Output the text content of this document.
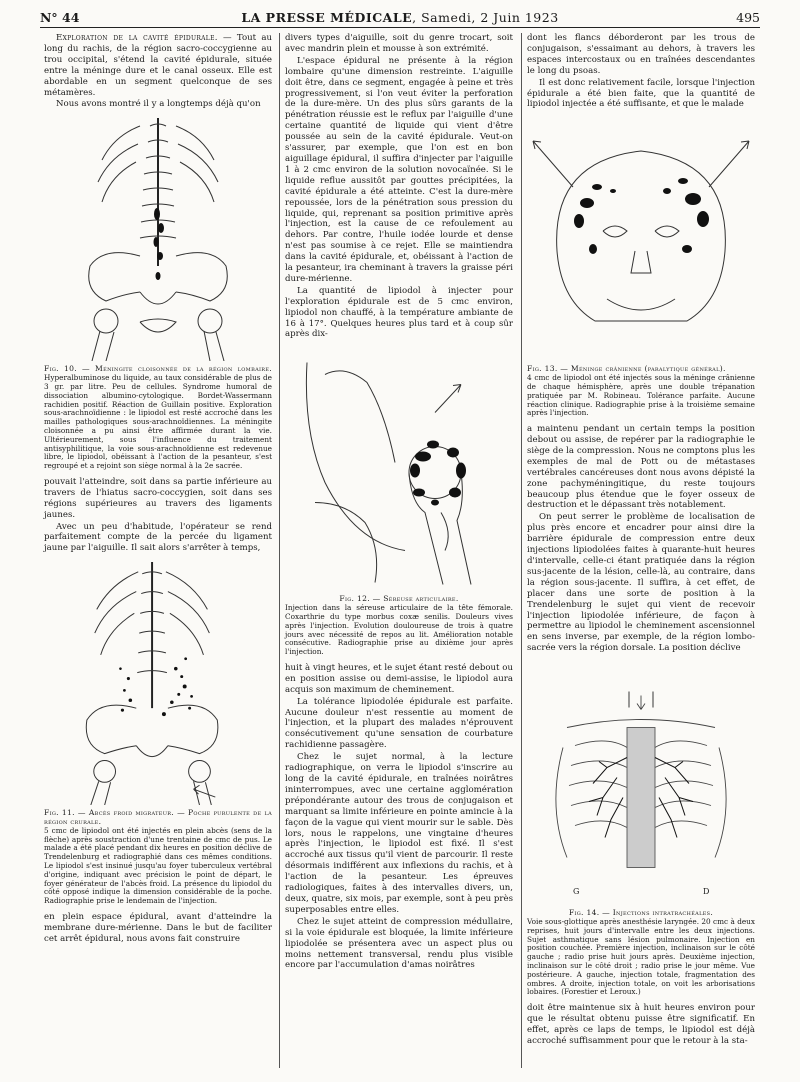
N° 44	LA PRESSE MÉDICALE, Samedi, 2 Juin 1923	495

Exploration de la cavité épidurale. — Tout au long du rachis, de la région sacro-coccygienne au trou occipital, s'étend la cavité épidurale, située entre la méninge dure et le canal osseux. Elle est abordable en un segment quelconque de ses métamères.

Nous avons montré il y a longtemps déjà qu'on

Fig. 10. — Méningite cloisonnée de la région lombaire. Hyperalbuminose du liquide, au taux considérable de plus de 3 gr. par litre. Peu de cellules. Syndrome humoral de dissociation albumino-cytologique. Bordet-Wassermann rachidien positif. Réaction de Guillain positive. Exploration sous-arachnoïdienne : le lipiodol est resté accroché dans les mailles pathologiques sous-arachnoïdiennes. La méningite cloisonnée a pu ainsi être affirmée durant la vie. Ultérieurement, sous l'influence du traitement antisyphilitique, la voie sous-arachnoïdienne est redevenue libre, le lipiodol, obéissant à l'action de la pesanteur, s'est regroupé et a rejoint son siège normal à la 2e sacrée.

pouvait l'atteindre, soit dans sa partie inférieure au travers de l'hiatus sacro-coccygien, soit dans ses régions supérieures au travers des ligaments jaunes.

Avec un peu d'habitude, l'opérateur se rend parfaitement compte de la percée du ligament jaune par l'aiguille. Il sait alors s'arrêter à temps,

Fig. 11. — Abcès froid migrateur. — Poche purulente de la région crurale.
5 cmc de lipiodol ont été injectés en plein abcès (sens de la flèche) après soustraction d'une trentaine de cmc de pus. Le malade a été placé pendant dix heures en position déclive de Trendelenburg et radiographié dans ces mêmes conditions. Le lipiodol s'est insinué jusqu'au foyer tuberculeux vertébral d'origine, indiquant avec précision le point de départ, le foyer générateur de l'abcès froid. La présence du lipiodol du côté opposé indique la dimension considérable de la poche. Radiographie prise le lendemain de l'injection.

en plein espace épidural, avant d'atteindre la membrane dure-mérienne. Dans le but de faciliter cet arrêt épidural, nous avons fait construire

divers types d'aiguille, soit du genre trocart, soit avec mandrin plein et mousse à son extrémité.

L'espace épidural ne présente à la région lombaire qu'une dimension restreinte. L'aiguille doit être, dans ce segment, engagée à peine et très progressivement, si l'on veut éviter la perforation de la dure-mère. Un des plus sûrs garants de la pénétration réussie est le reflux par l'aiguille d'une certaine quantité de liquide qui vient d'être poussée au sein de la cavité épidurale. Veut-on s'assurer, par exemple, que l'on est en bon aiguillage épidural, il suffira d'injecter par l'aiguille 1 à 2 cmc environ de la solution novocaïnée. Si le liquide reflue aussitôt par gouttes précipitées, la cavité épidurale a été atteinte. C'est la dure-mère repoussée, lors de la pénétration sous pression du liquide, qui, reprenant sa position primitive après l'injection, est la cause de ce refoulement au dehors. Par contre, l'huile iodée lourde et dense n'est pas soumise à ce rejet. Elle se maintiendra dans la cavité épidurale, et, obéissant à l'action de la pesanteur, ira cheminant à travers la graisse péri dure-mérienne.

La quantité de lipiodol à injecter pour l'exploration épidurale est de 5 cmc environ, lipiodol non chauffé, à la température ambiante de 16 à 17°. Quelques heures plus tard et à coup sûr après dix-

Fig. 12. — Séreuse articulaire.
Injection dans la séreuse articulaire de la tête fémorale. Coxarthrie du type morbus coxæ senilis. Douleurs vives après l'injection. Evolution douloureuse de trois à quatre jours avec nécessité de repos au lit. Amélioration notable consécutive. Radiographie prise au dixième jour après l'injection.

huit à vingt heures, et le sujet étant resté debout ou en position assise ou demi-assise, le lipiodol aura acquis son maximum de cheminement.

La tolérance lipiodolée épidurale est parfaite. Aucune douleur n'est ressentie au moment de l'injection, et la plupart des malades n'éprouvent consécutivement qu'une sensation de courbature rachidienne passagère.

Chez le sujet normal, à la lecture radiographique, on verra le lipiodol s'inscrire au long de la cavité épidurale, en traînées noirâtres ininterrompues, avec une certaine agglomération prépondérante autour des trous de conjugaison et marquant sa limite inférieure en pointe amincie à la façon de la vague qui vient mourir sur le sable. Dès lors, nous le rappelons, une vingtaine d'heures après l'injection, le lipiodol est fixé. Il s'est accroché aux tissus qu'il vient de parcourir. Il reste désormais indifférent aux inflexions du rachis, et à l'action de la pesanteur. Les épreuves radiologiques, faites à des intervalles divers, un, deux, quatre, six mois, par exemple, sont à peu près superposables entre elles.

Chez le sujet atteint de compression médullaire, si la voie épidurale est bloquée, la limite inférieure lipiodolée se présentera avec un aspect plus ou moins nettement transversal, rendu plus visible encore par l'accumulation d'amas noirâtres

dont les flancs déborderont par les trous de conjugaison, s'essaimant au dehors, à travers les espaces intercostaux ou en traînées descendantes le long du psoas.

Il est donc relativement facile, lorsque l'injection épidurale a été bien faite, que la quantité de lipiodol injectée a été suffisante, et que le malade

Fig. 13. — Méninge crânienne (paralytique général).
4 cmc de lipiodol ont été injectés sous la méninge crânienne de chaque hémisphère, après une double trépanation pratiquée par M. Robineau. Tolérance parfaite. Aucune réaction clinique. Radiographie prise à la troisième semaine après l'injection.

a maintenu pendant un certain temps la position debout ou assise, de repérer par la radiographie le siège de la compression. Nous ne comptons plus les exemples de mal de Pott ou de métastases vertébrales cancéreuses dont nous avons dépisté la zone pachyméningitique, du reste toujours beaucoup plus étendue que le foyer osseux de destruction et le dépassant très notablement.

On peut serrer le problème de localisation de plus près encore et encadrer pour ainsi dire la barrière épidurale de compression entre deux injections lipiodolées faites à quarante-huit heures d'intervalle, celle-ci étant pratiquée dans la région sus-jacente de la lésion, celle-là, au contraire, dans la région sous-jacente. Il suffira, à cet effet, de placer dans une sorte de position à la Trendelenburg le sujet qui vient de recevoir l'injection lipiodolée inférieure, de façon à permettre au lipiodol le cheminement ascensionnel en sens inverse, par exemple, de la région lombo-sacrée vers la région dorsale. La position déclive

G	D
Fig. 14. — Injections intratrachéales.
Voie sous-glottique après anesthésie laryngée. 20 cmc à deux reprises, huit jours d'intervalle entre les deux injections. Sujet asthmatique sans lésion pulmonaire. Injection en position couchée. Première injection, inclinaison sur le côté gauche ; radio prise huit jours après. Deuxième injection, inclinaison sur le côté droit ; radio prise le jour même. Vue postérieure. A gauche, injection totale, fragmentation des ombres. A droite, injection totale, on voit les arborisations lobaires. (Forestier et Leroux.)

doit être maintenue six à huit heures environ pour que le résultat obtenu puisse être significatif. En effet, après ce laps de temps, le lipiodol est déjà accroché suffisamment pour que le retour à la sta-
